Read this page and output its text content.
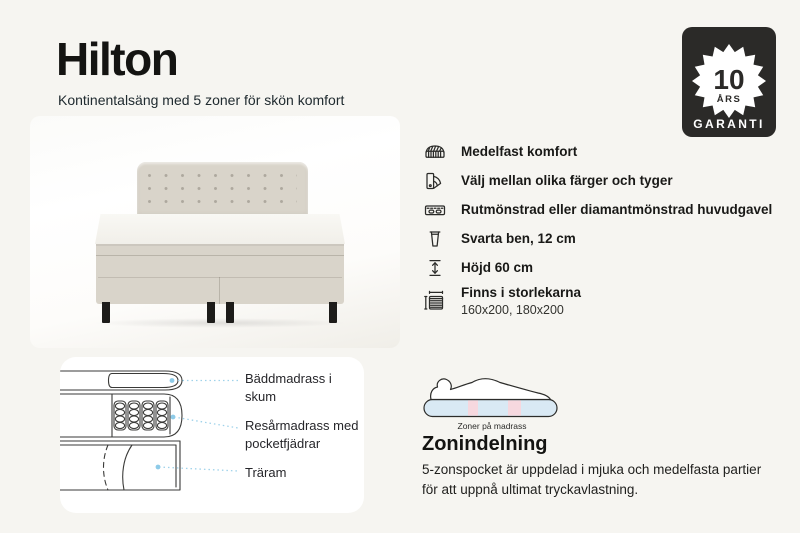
Hilton

Kontinentalsäng med 5 zoner för skön komfort

10
ÅRS
GARANTI
Medelfast komfort
Välj mellan olika färger och tyger
Rutmönstrad eller diamantmönstrad huvudgavel
Svarta ben, 12 cm
Höjd 60 cm
Finns i storlekarna
160x200, 180x200
Bäddmadrass i skum
Resårmadrass med pocketfjädrar
Träram
Zoner på madrass
Zonindelning

5-zonspocket är uppdelad i mjuka och medelfasta partier för att uppnå ultimat tryckavlastning.
